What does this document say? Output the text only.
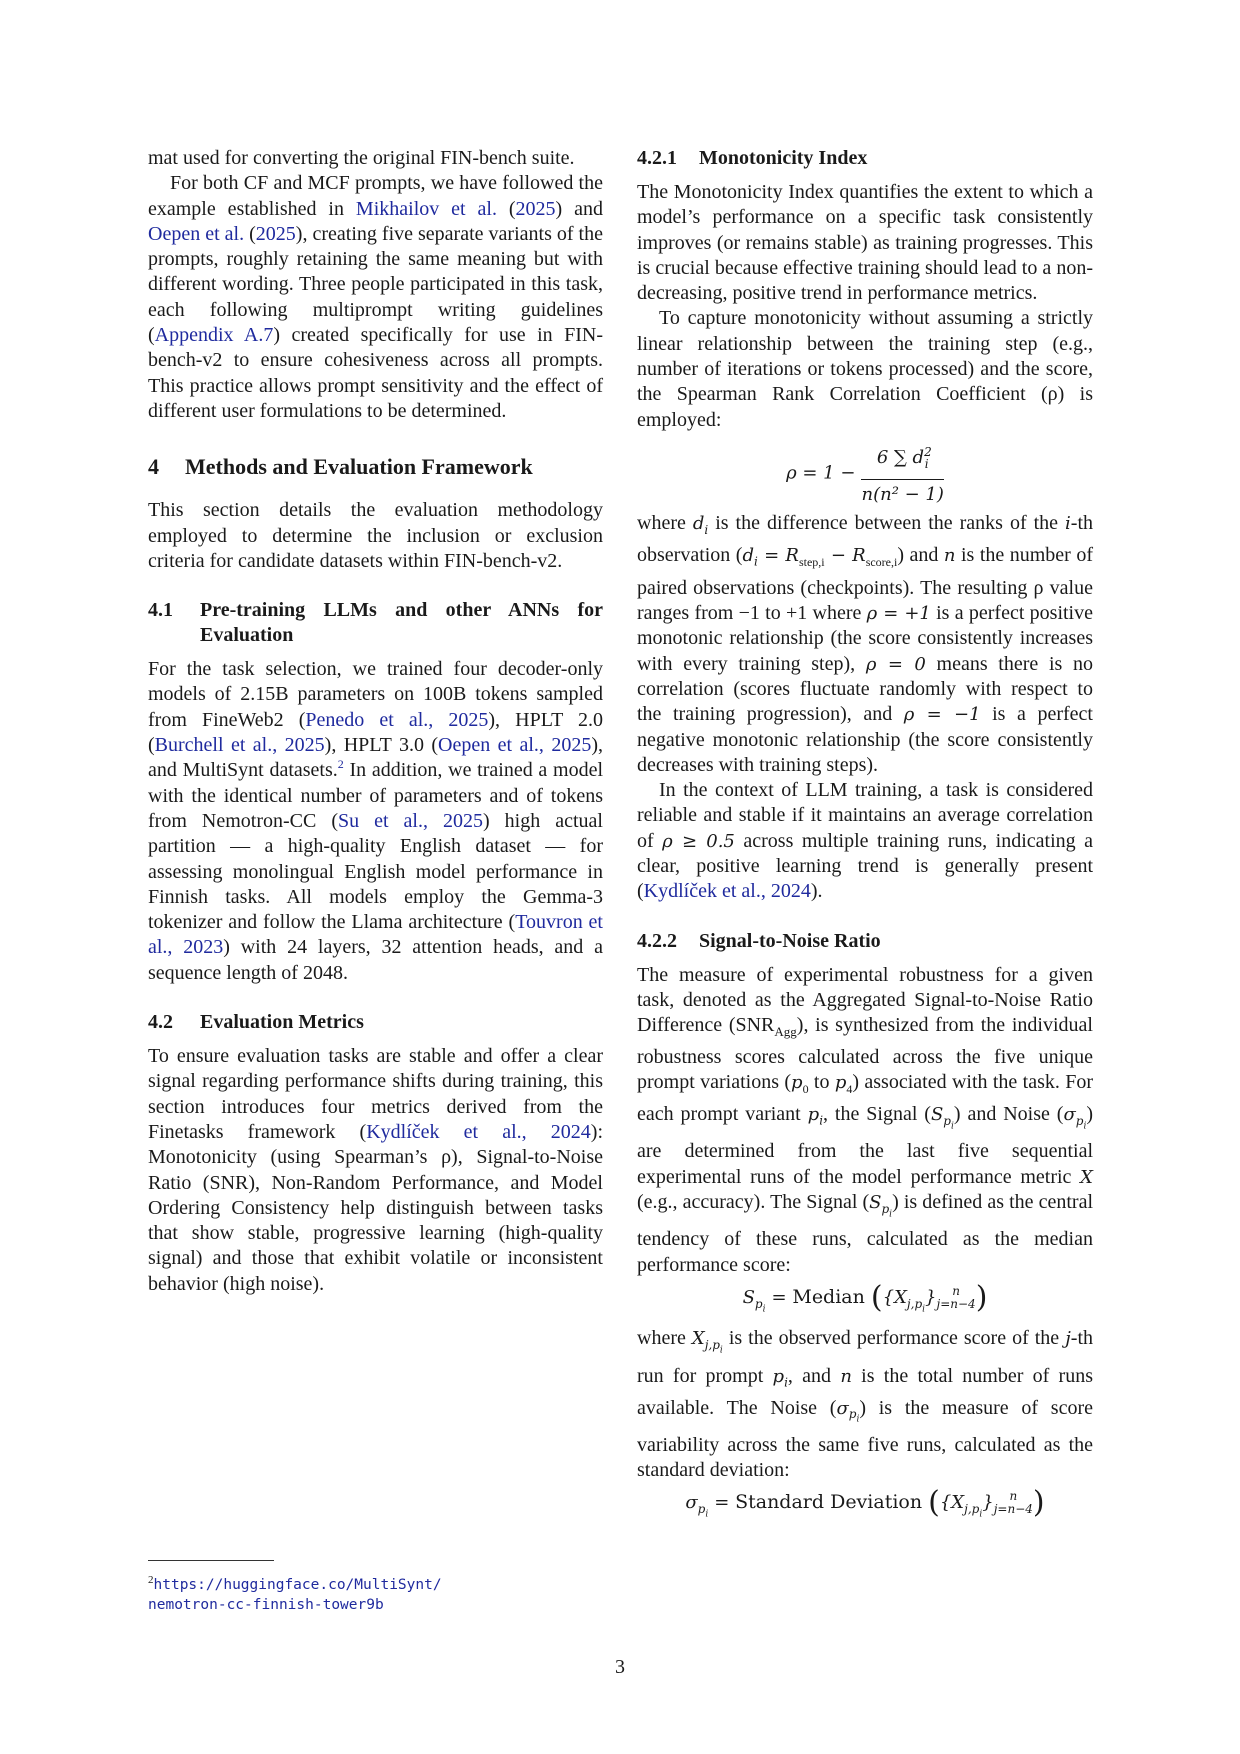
mat used for converting the original FIN-bench suite.

For both CF and MCF prompts, we have followed the example established in Mikhailov et al. (2025) and Oepen et al. (2025), creating five separate variants of the prompts, roughly retaining the same meaning but with different wording. Three people participated in this task, each following multiprompt writing guidelines (Appendix A.7) created specifically for use in FIN-bench-v2 to ensure cohesiveness across all prompts. This practice allows prompt sensitivity and the effect of different user formulations to be determined.

4 Methods and Evaluation Framework

This section details the evaluation methodology employed to determine the inclusion or exclusion criteria for candidate datasets within FIN-bench-v2.

4.1	Pre-training LLMs and other ANNs for Evaluation

For the task selection, we trained four decoder-only models of 2.15B parameters on 100B tokens sampled from FineWeb2 (Penedo et al., 2025), HPLT 2.0 (Burchell et al., 2025), HPLT 3.0 (Oepen et al., 2025), and MultiSynt datasets.$^2$ In addition, we trained a model with the identical number of parameters and of tokens from Nemotron-CC (Su et al., 2025) high actual partition — a high-quality English dataset — for assessing monolingual English model performance in Finnish tasks. All models employ the Gemma-3 tokenizer and follow the Llama architecture (Touvron et al., 2023) with 24 layers, 32 attention heads, and a sequence length of 2048.

4.2	Evaluation Metrics

To ensure evaluation tasks are stable and offer a clear signal regarding performance shifts during training, this section introduces four metrics derived from the Finetasks framework (Kydlíček et al., 2024): Monotonicity (using Spearman’s ρ), Signal-to-Noise Ratio (SNR), Non-Random Performance, and Model Ordering Consistency help distinguish between tasks that show stable, progressive learning (high-quality signal) and those that exhibit volatile or inconsistent behavior (high noise).

4.2.1	Monotonicity Index

The Monotonicity Index quantifies the extent to which a model’s performance on a specific task consistently improves (or remains stable) as training progresses. This is crucial because effective training should lead to a non-decreasing, positive trend in performance metrics.

To capture monotonicity without assuming a strictly linear relationship between the training step (e.g., number of iterations or tokens processed) and the score, the Spearman Rank Correlation Coefficient (ρ) is employed:

$\rho = 1 - \frac{6 \sum d^2_i}{\text{n(n² − 1)}}$

where $d_i$ is the difference between the ranks of the i-th observation $(d_i = R_{step,i} - R_{score,i})$ and n is the number of paired observations (checkpoints). The resulting ρ value ranges from −1 to +1 where ρ = +1 is a perfect positive monotonic relationship (the score consistently increases with every training step), ρ = 0 means there is no correlation (scores fluctuate randomly with respect to the training progression), and ρ = −1 is a perfect negative monotonic relationship (the score consistently decreases with training steps).

In the context of LLM training, a task is considered reliable and stable if it maintains an average correlation of ρ ≥ 0.5 across multiple training runs, indicating a clear, positive learning trend is generally present (Kydlíček et al., 2024).

4.2.2	Signal-to-Noise Ratio

The measure of experimental robustness for a given task, denoted as the Aggregated Signal-to-Noise Ratio Difference $(SNR_{Agg})$, is synthesized from the individual robustness scores calculated across the five unique prompt variations ($p_0$ to $p_4$) associated with the task. For each prompt variant $p_i$, the Signal $(S_{p_i})$ and Noise $(\sigma_{p_i})$ are determined from the last five sequential experimental runs of the model performance metric X (e.g., accuracy). The Signal $(S_{p_i})$ is defined as the central tendency of these runs, calculated as the median performance score:

$S_{p_i}$ = Median ($\{X_{j,p_i}\}$	n
j=n−4 )

where $X_{j,p_i}$ is the observed performance score of the j-th run for prompt $p_i$, and n is the total number of runs available. The Noise $(\sigma_{p_i})$ is the measure of score variability across the same five runs, calculated as the standard deviation:

$\sigma_{p_i}$ = Standard Deviation ($\{X_{j,p_i}\}$	n
j=n−4 )
$^2$https://huggingface.co/MultiSynt/
nemotron-cc-finnish-tower9b
3
